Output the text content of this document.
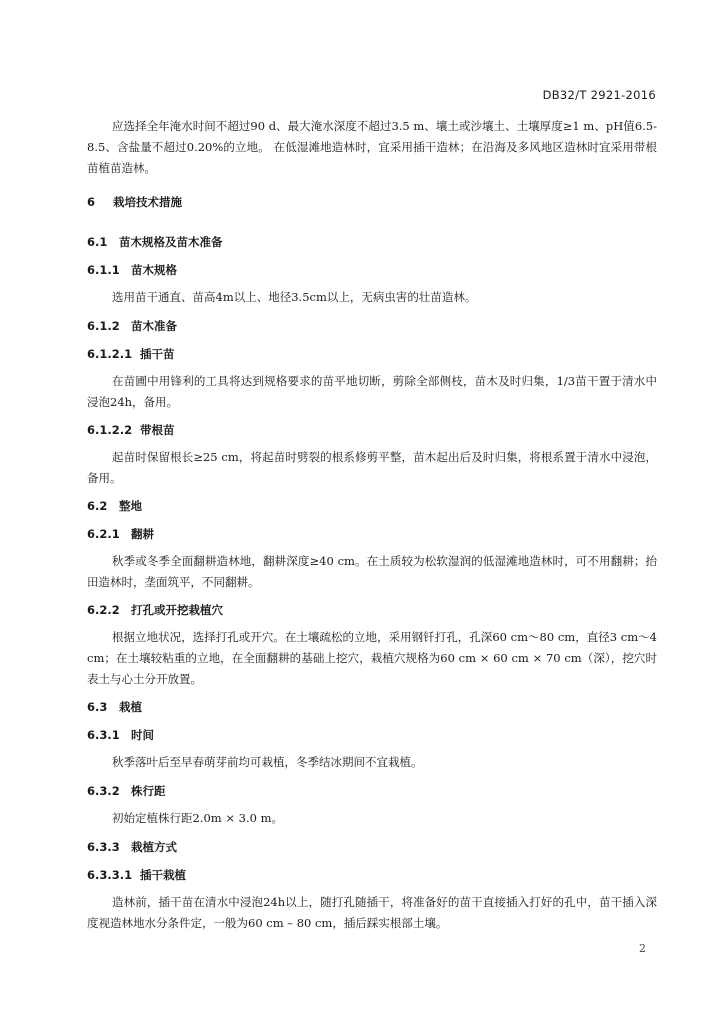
DB32/T 2921-2016

应选择全年淹水时间不超过90 d、最大淹水深度不超过3.5 m、壤土或沙壤土、土壤厚度≥1 m、pH值6.5-8.5、含盐量不超过0.20%的立地。 在低湿滩地造林时，宜采用插干造林；在沿海及多风地区造林时宜采用带根苗植苗造林。

6 栽培技术措施
6.1 苗木规格及苗木准备
6.1.1 苗木规格

选用苗干通直、苗高4m以上、地径3.5cm以上，无病虫害的壮苗造林。

6.1.2 苗木准备
6.1.2.1 插干苗

在苗圃中用锋利的工具将达到规格要求的苗平地切断，剪除全部侧枝，苗木及时归集，1/3苗干置于清水中浸泡24h，备用。

6.1.2.2 带根苗

起苗时保留根长≥25 cm，将起苗时劈裂的根系修剪平整，苗木起出后及时归集，将根系置于清水中浸泡，备用。

6.2 整地
6.2.1 翻耕

秋季或冬季全面翻耕造林地，翻耕深度≥40 cm。在土质较为松软湿润的低湿滩地造林时，可不用翻耕；抬田造林时，垄面筑平，不同翻耕。

6.2.2 打孔或开挖栽植穴

根据立地状况，选择打孔或开穴。在土壤疏松的立地，采用钢钎打孔，孔深60 cm～80 cm，直径3 cm～4 cm；在土壤较粘重的立地，在全面翻耕的基础上挖穴，栽植穴规格为60 cm × 60 cm × 70 cm（深），挖穴时表土与心土分开放置。

6.3 栽植
6.3.1 时间

秋季落叶后至早春萌芽前均可栽植，冬季结冰期间不宜栽植。

6.3.2 株行距

初始定植株行距2.0m × 3.0 m。

6.3.3 栽植方式
6.3.3.1 插干栽植

造林前，插干苗在清水中浸泡24h以上，随打孔随插干，将准备好的苗干直接插入打好的孔中，苗干插入深度视造林地水分条件定，一般为60 cm – 80 cm，插后踩实根部土壤。

2
